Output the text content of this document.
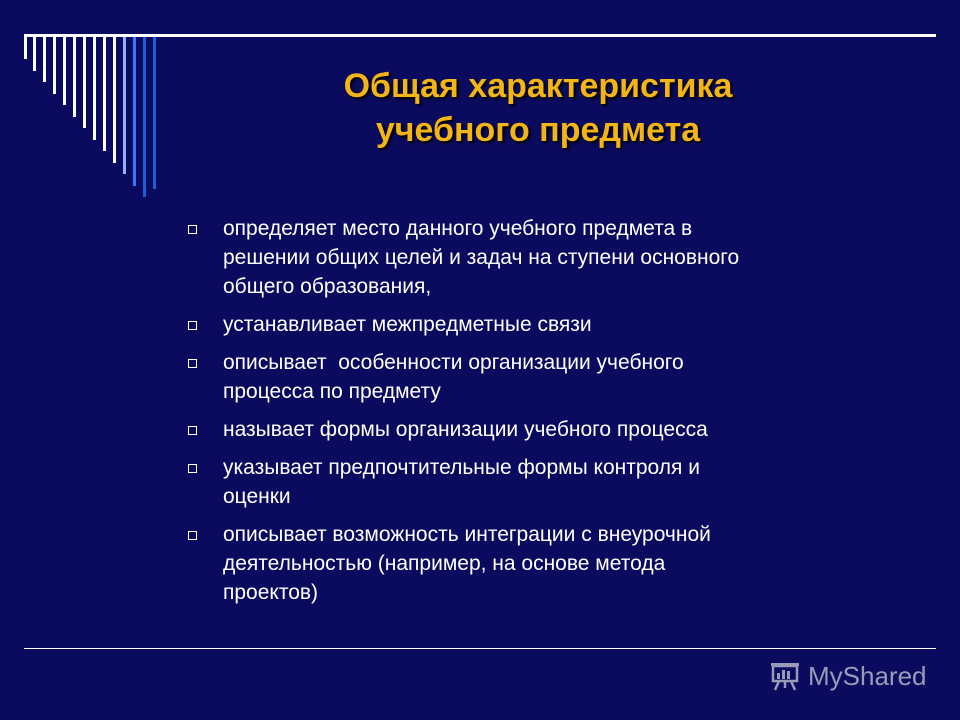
Общая характеристика
учебного предмета
определяет место данного учебного предмета в
решении общих целей и задач на ступени основного
общего образования,
устанавливает межпредметные связи
описывает  особенности организации учебного
процесса по предмету
называет формы организации учебного процесса
указывает предпочтительные формы контроля и
оценки
описывает возможность интеграции с внеурочной
деятельностью (например, на основе метода
проектов)
MyShared
